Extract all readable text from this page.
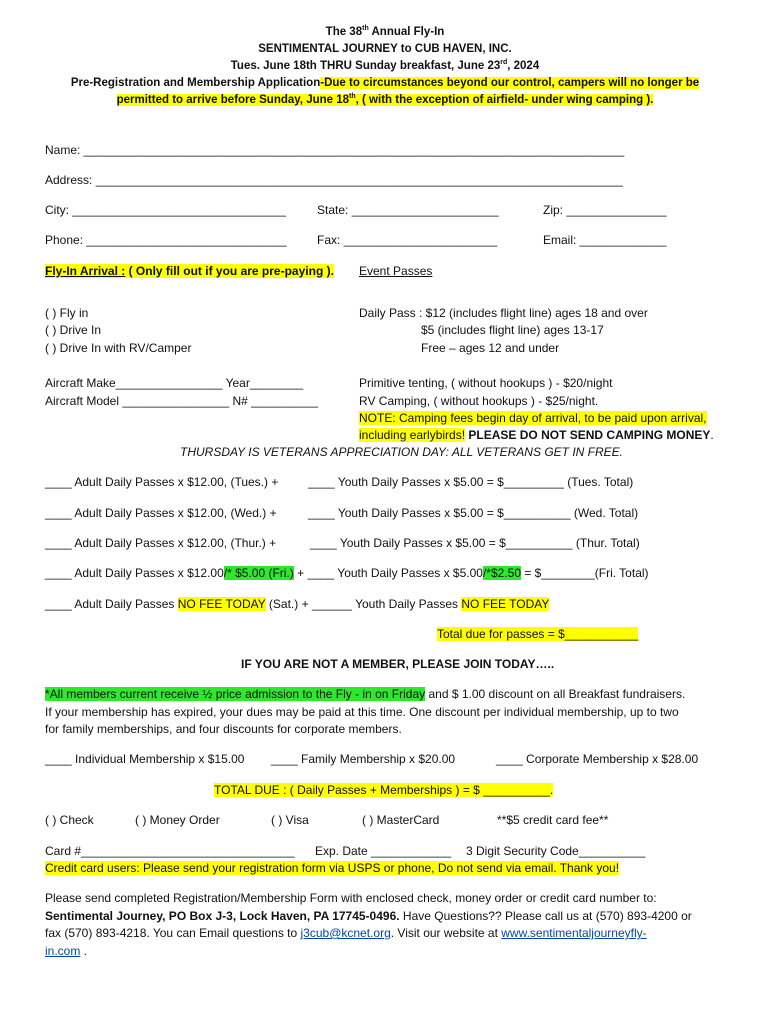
The 38th Annual Fly-In
SENTIMENTAL JOURNEY to CUB HAVEN, INC.
Tues. June 18th THRU Sunday breakfast, June 23rd, 2024
Pre-Registration and Membership Application-Due to circumstances beyond our control, campers will no longer be
permitted to arrive before Sunday, June 18th, ( with the exception of airfield- under wing camping ).
Name: _________________________________________________________________________________
Address: _______________________________________________________________________________
City: ________________________________	State: ______________________	Zip: _______________
Phone: ______________________________	Fax: _______________________	Email: _____________
Fly-In Arrival : ( Only fill out if you are pre-paying ). Event Passes
( ) Fly in
( ) Drive In
( ) Drive In with RV/Camper
Daily Pass : $12 (includes flight line) ages 18 and over
$5 (includes flight line) ages 13-17
Free – ages 12 and under
Aircraft Make________________ Year________
Aircraft Model ________________ N# __________
Primitive tenting, ( without hookups ) - $20/night
RV Camping, ( without hookups ) - $25/night.
NOTE: Camping fees begin day of arrival, to be paid upon arrival,
including earlybirds! PLEASE DO NOT SEND CAMPING MONEY.
THURSDAY IS VETERANS APPRECIATION DAY: ALL VETERANS GET IN FREE.
____ Adult Daily Passes x $12.00, (Tues.) + ____ Youth Daily Passes x $5.00 = $_________ (Tues. Total)
____ Adult Daily Passes x $12.00, (Wed.) +	____ Youth Daily Passes x $5.00 = $__________ (Wed. Total)
____ Adult Daily Passes x $12.00, (Thur.) +	____ Youth Daily Passes x $5.00 = $__________ (Thur. Total)
____ Adult Daily Passes x $12.00/* $5.00 (Fri.) + ____ Youth Daily Passes x $5.00/*$2.50 = $________(Fri. Total)
____ Adult Daily Passes NO FEE TODAY (Sat.) + ______ Youth Daily Passes NO FEE TODAY
Total due for passes = $___________
IF YOU ARE NOT A MEMBER, PLEASE JOIN TODAY…..
*All members current receive ½ price admission to the Fly - in on Friday and $ 1.00 discount on all Breakfast fundraisers.
If your membership has expired, your dues may be paid at this time. One discount per individual membership, up to two
for family memberships, and four discounts for corporate members.
____ Individual Membership x $15.00 ____ Family Membership x $20.00	____ Corporate Membership x $28.00
TOTAL DUE : ( Daily Passes + Memberships ) = $ __________.
( ) Check	( ) Money Order	( ) Visa	( ) MasterCard	**$5 credit card fee**
Card #________________________________ Exp. Date ____________ 3 Digit Security Code__________
Credit card users: Please send your registration form via USPS or phone, Do not send via email. Thank you!
Please send completed Registration/Membership Form with enclosed check, money order or credit card number to:
Sentimental Journey, PO Box J-3, Lock Haven, PA 17745-0496. Have Questions?? Please call us at (570) 893-4200 or
fax (570) 893-4218. You can Email questions to j3cub@kcnet.org. Visit our website at www.sentimentaljourneyfly-
in.com .
